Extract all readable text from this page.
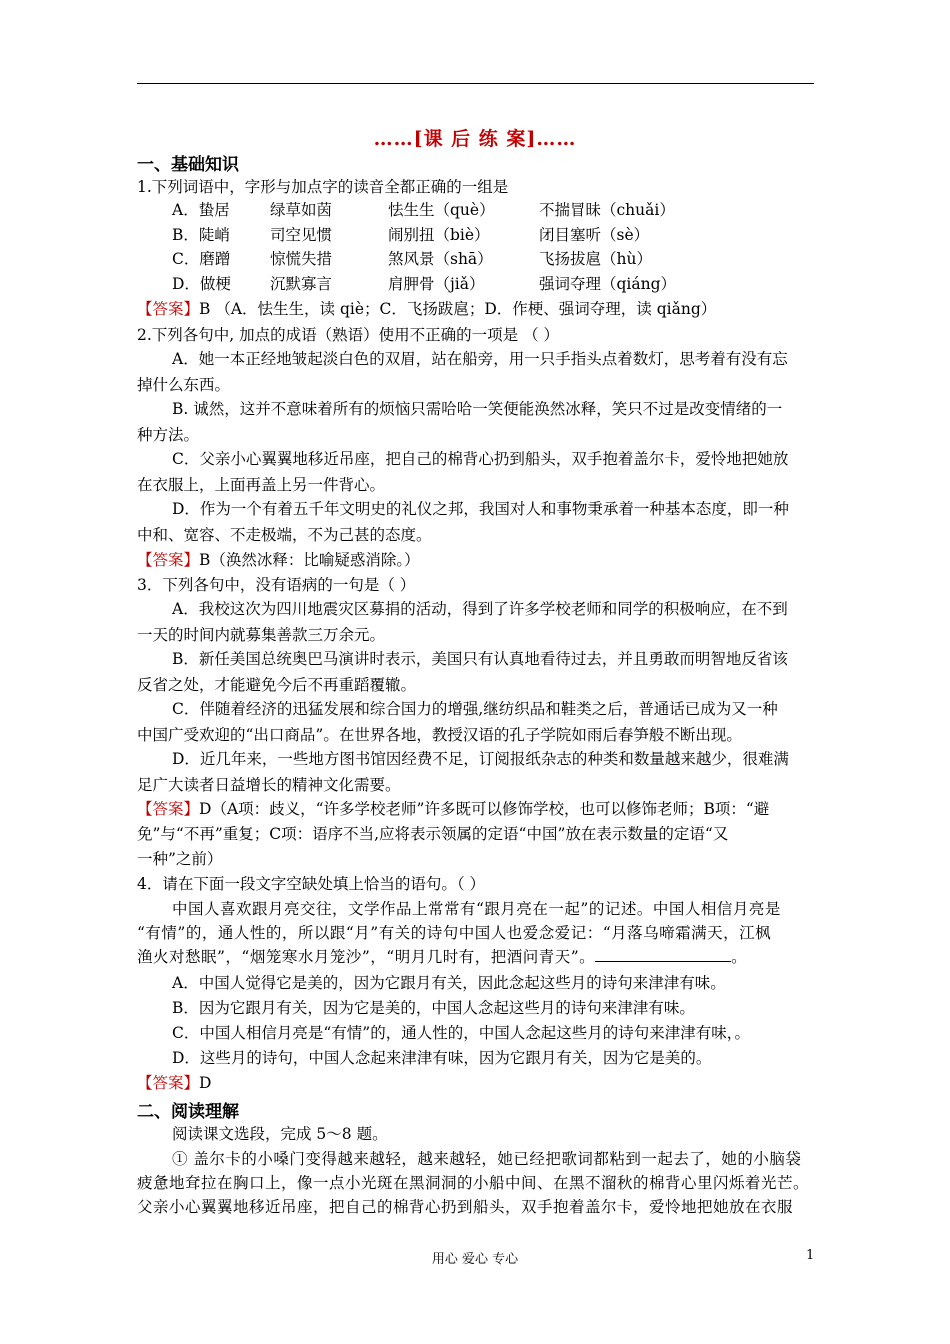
……[课 后 练 案]……
一、基础知识
1.下列词语中，字形与加点字的读音全都正确的一组是
A．蛰居	绿草如茵	怯生生（què）	不揣冒昧（chuǎi）
B．陡峭	司空见惯	闹别扭（biè）	闭目塞听（sè）
C．磨蹭	惊慌失措	煞风景（shā）	飞扬拔扈（hù）
D．做梗	沉默寡言	肩胛骨（jiǎ）	强词夺理（qiáng）
【答案】B （A．怯生生，读 qiè；C．飞扬跋扈；D．作梗、强词夺理，读 qiǎng）
2.下列各句中, 加点的成语（熟语）使用不正确的一项是 （ ）
A．她一本正经地皱起淡白色的双眉，站在船旁，用一只手指头点着数灯，思考着有没有忘
掉什么东西。
B. 诚然，这并不意味着所有的烦恼只需哈哈一笑便能涣然冰释，笑只不过是改变情绪的一
种方法。
C．父亲小心翼翼地移近吊座，把自己的棉背心扔到船头，双手抱着盖尔卡，爱怜地把她放
在衣服上，上面再盖上另一件背心。
D．作为一个有着五千年文明史的礼仪之邦，我国对人和事物秉承着一种基本态度，即一种
中和、宽容、不走极端，不为己甚的态度。
【答案】B（涣然冰释：比喻疑惑消除。）
3．下列各句中，没有语病的一句是（ ）
A．我校这次为四川地震灾区募捐的活动，得到了许多学校老师和同学的积极响应，在不到
一天的时间内就募集善款三万余元。
B．新任美国总统奥巴马演讲时表示，美国只有认真地看待过去，并且勇敢而明智地反省该
反省之处，才能避免今后不再重蹈覆辙。
C．伴随着经济的迅猛发展和综合国力的增强,继纺织品和鞋类之后，普通话已成为又一种
中国广受欢迎的“出口商品”。在世界各地，教授汉语的孔子学院如雨后春笋般不断出现。
D．近几年来，一些地方图书馆因经费不足，订阅报纸杂志的种类和数量越来越少，很难满
足广大读者日益增长的精神文化需要。
【答案】D（A项：歧义，“许多学校老师”许多既可以修饰学校，也可以修饰老师；B项：“避
免”与“不再”重复；C项：语序不当,应将表示领属的定语“中国”放在表示数量的定语“又
一种”之前）
4．请在下面一段文字空缺处填上恰当的语句。（ ）
中国人喜欢跟月亮交往，文学作品上常常有“跟月亮在一起”的记述。中国人相信月亮是
“有情”的，通人性的，所以跟“月”有关的诗句中国人也爱念爱记：“月落乌啼霜满天，江枫
渔火对愁眠”，“烟笼寒水月笼沙”，“明月几时有，把酒问青天”。	。
A．中国人觉得它是美的，因为它跟月有关，因此念起这些月的诗句来津津有味。
B．因为它跟月有关，因为它是美的，中国人念起这些月的诗句来津津有味。
C．中国人相信月亮是“有情”的，通人性的，中国人念起这些月的诗句来津津有味，。
D．这些月的诗句，中国人念起来津津有味，因为它跟月有关，因为它是美的。
【答案】D
二、阅读理解
阅读课文选段，完成 5～8 题。
① 盖尔卡的小嗓门变得越来越轻，越来越轻，她已经把歌词都粘到一起去了，她的小脑袋
疲惫地耷拉在胸口上，像一点小光斑在黑洞洞的小船中间、在黑不溜秋的棉背心里闪烁着光芒。
父亲小心翼翼地移近吊座，把自己的棉背心扔到船头，双手抱着盖尔卡，爱怜地把她放在衣服
用心 爱心 专心	1
